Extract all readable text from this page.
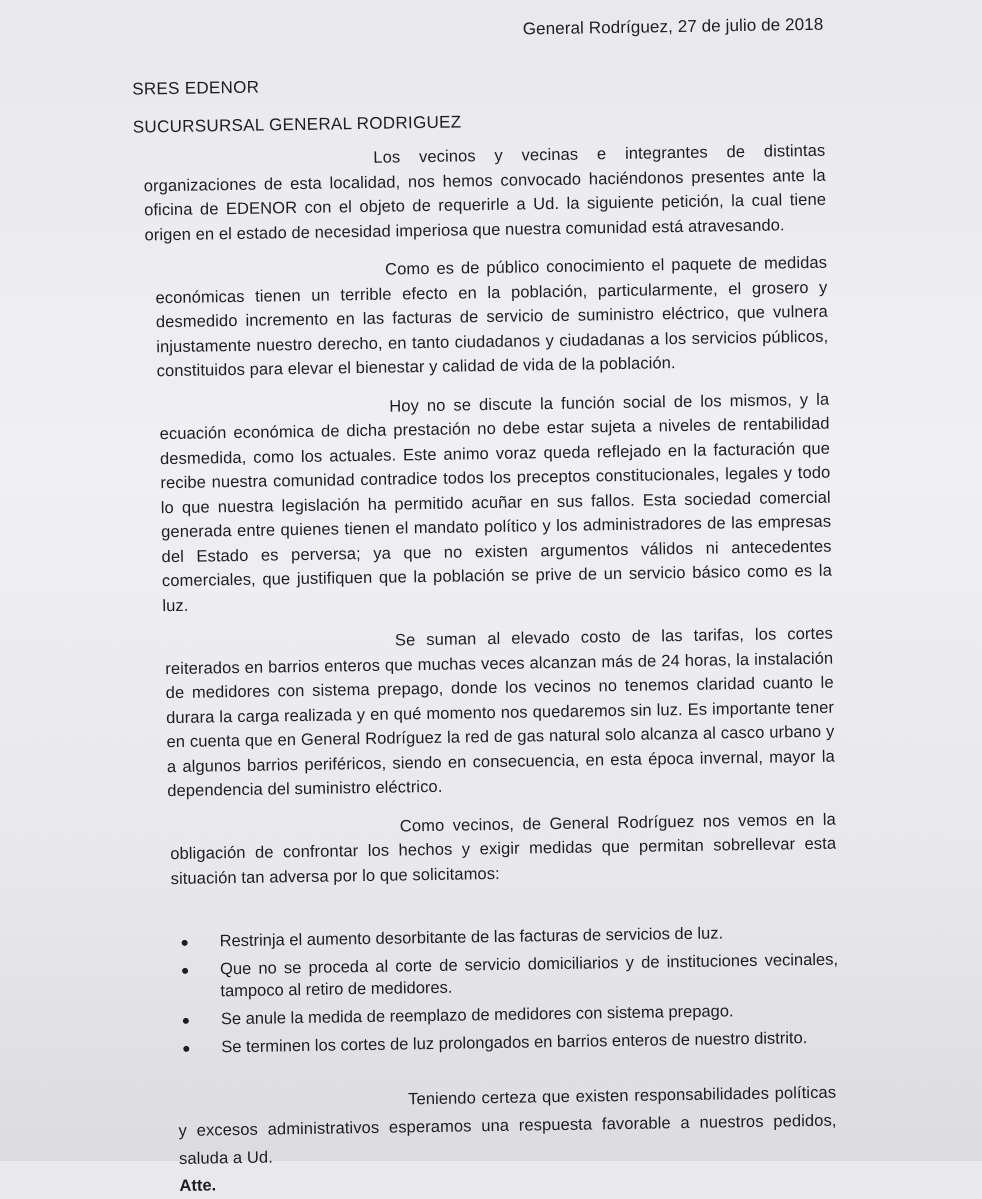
General Rodríguez, 27 de julio de 2018
SRES EDENOR
SUCURSURSAL GENERAL RODRIGUEZ

Los vecinos y vecinas e integrantes de distintas organizaciones de esta localidad, nos hemos convocado haciéndonos presentes ante la oficina de EDENOR con el objeto de requerirle a Ud. la siguiente petición, la cual tiene origen en el estado de necesidad imperiosa que nuestra comunidad está atravesando.

Como es de público conocimiento el paquete de medidas económicas tienen un terrible efecto en la población, particularmente, el grosero y desmedido incremento en las facturas de servicio de suministro eléctrico, que vulnera injustamente nuestro derecho, en tanto ciudadanos y ciudadanas a los servicios públicos, constituidos para elevar el bienestar y calidad de vida de la población.

Hoy no se discute la función social de los mismos, y la ecuación económica de dicha prestación no debe estar sujeta a niveles de rentabilidad desmedida, como los actuales. Este animo voraz queda reflejado en la facturación que recibe nuestra comunidad contradice todos los preceptos constitucionales, legales y todo lo que nuestra legislación ha permitido acuñar en sus fallos. Esta sociedad comercial generada entre quienes tienen el mandato político y los administradores de las empresas del Estado es perversa; ya que no existen argumentos válidos ni antecedentes comerciales, que justifiquen que la población se prive de un servicio básico como es la luz.

Se suman al elevado costo de las tarifas, los cortes reiterados en barrios enteros que muchas veces alcanzan más de 24 horas, la instalación de medidores con sistema prepago, donde los vecinos no tenemos claridad cuanto le durara la carga realizada y en qué momento nos quedaremos sin luz. Es importante tener en cuenta que en General Rodríguez la red de gas natural solo alcanza al casco urbano y a algunos barrios periféricos, siendo en consecuencia, en esta época invernal, mayor la dependencia del suministro eléctrico.

Como vecinos, de General Rodríguez nos vemos en la obligación de confrontar los hechos y exigir medidas que permitan sobrellevar esta situación tan adversa por lo que solicitamos:

Restrinja el aumento desorbitante de las facturas de servicios de luz.
Que no se proceda al corte de servicio domiciliarios y de instituciones vecinales, tampoco al retiro de medidores.
Se anule la medida de reemplazo de medidores con sistema prepago.
Se terminen los cortes de luz prolongados en barrios enteros de nuestro distrito.

Teniendo certeza que existen responsabilidades políticas y excesos administrativos esperamos una respuesta favorable a nuestros pedidos, saluda a Ud.

Atte.
